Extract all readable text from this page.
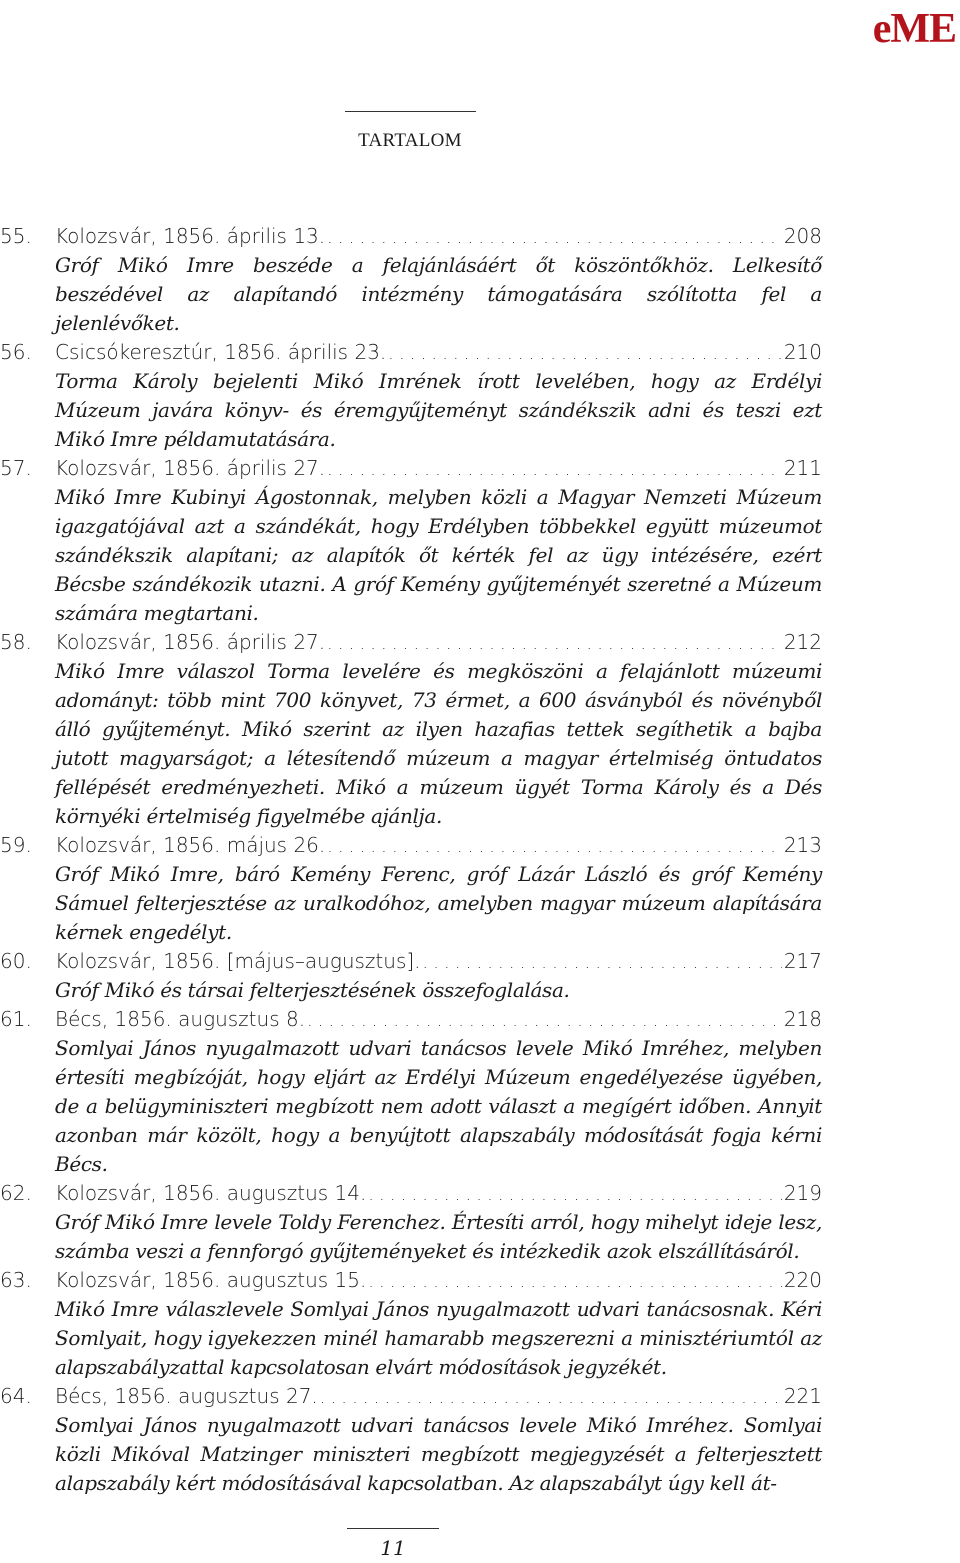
eME
TARTALOM
55.	Kolozsvár, 1856. április 13. . . .	208
Gróf Mikó Imre beszéde a felajánlásáért őt köszöntőkhöz. Lelkesítő beszédével az alapítandó intézmény támogatására szólította fel a jelenlévőket.
56.	Csicsókeresztúr, 1856. április 23. . . .	210
Torma Károly bejelenti Mikó Imrének írott levelében, hogy az Erdélyi Múzeum javára könyv- és éremgyűjteményt szándékszik adni és teszi ezt Mikó Imre példamutatására.
57.	Kolozsvár, 1856. április 27. . . .	211
Mikó Imre Kubinyi Ágostonnak, melyben közli a Magyar Nemzeti Múzeum igazgatójával azt a szándékát, hogy Erdélyben többekkel együtt múzeumot szándékszik alapítani; az alapítók őt kérték fel az ügy intézésére, ezért Bécsbe szándékozik utazni. A gróf Kemény gyűjteményét szeretné a Múzeum számára megtartani.
58.	Kolozsvár, 1856. április 27. . . .	212
Mikó Imre válaszol Torma levelére és megköszöni a felajánlott múzeumi adományt: több mint 700 könyvet, 73 érmet, a 600 ásványból és növényből álló gyűjteményt. Mikó szerint az ilyen hazafias tettek segíthetik a bajba jutott magyarságot; a létesítendő múzeum a magyar értelmiség öntudatos fellépését eredményezheti. Mikó a múzeum ügyét Torma Károly és a Dés környéki értelmiség figyelmébe ajánlja.
59.	Kolozsvár, 1856. május 26. . . .	213
Gróf Mikó Imre, báró Kemény Ferenc, gróf Lázár László és gróf Kemény Sámuel felterjesztése az uralkodóhoz, amelyben magyar múzeum alapítására kérnek engedélyt.
60.	Kolozsvár, 1856. [május–augusztus]. . . .	217
Gróf Mikó és társai felterjesztésének összefoglalása.
61.	Bécs, 1856. augusztus 8. . . .	218
Somlyai János nyugalmazott udvari tanácsos levele Mikó Imréhez, melyben értesíti megbízóját, hogy eljárt az Erdélyi Múzeum engedélyezése ügyében, de a belügyminiszteri megbízott nem adott választ a megígért időben. Annyit azonban már közölt, hogy a benyújtott alapszabály módosítását fogja kérni Bécs.
62.	Kolozsvár, 1856. augusztus 14. . . .	219
Gróf Mikó Imre levele Toldy Ferenchez. Értesíti arról, hogy mihelyt ideje lesz, számba veszi a fennforgó gyűjteményeket és intézkedik azok elszállításáról.
63.	Kolozsvár, 1856. augusztus 15. . . .	220
Mikó Imre válaszlevele Somlyai János nyugalmazott udvari tanácsosnak. Kéri Somlyait, hogy igyekezzen minél hamarabb megszerezni a minisztériumtól az alapszabályzattal kapcsolatosan elvárt módosítások jegyzékét.
64.	Bécs, 1856. augusztus 27. . . .	221
Somlyai János nyugalmazott udvari tanácsos levele Mikó Imréhez. Somlyai közli Mikóval Matzinger miniszteri megbízott megjegyzését a felterjesztett alapszabály kért módosításával kapcsolatban. Az alapszabályt úgy kell át-
11
